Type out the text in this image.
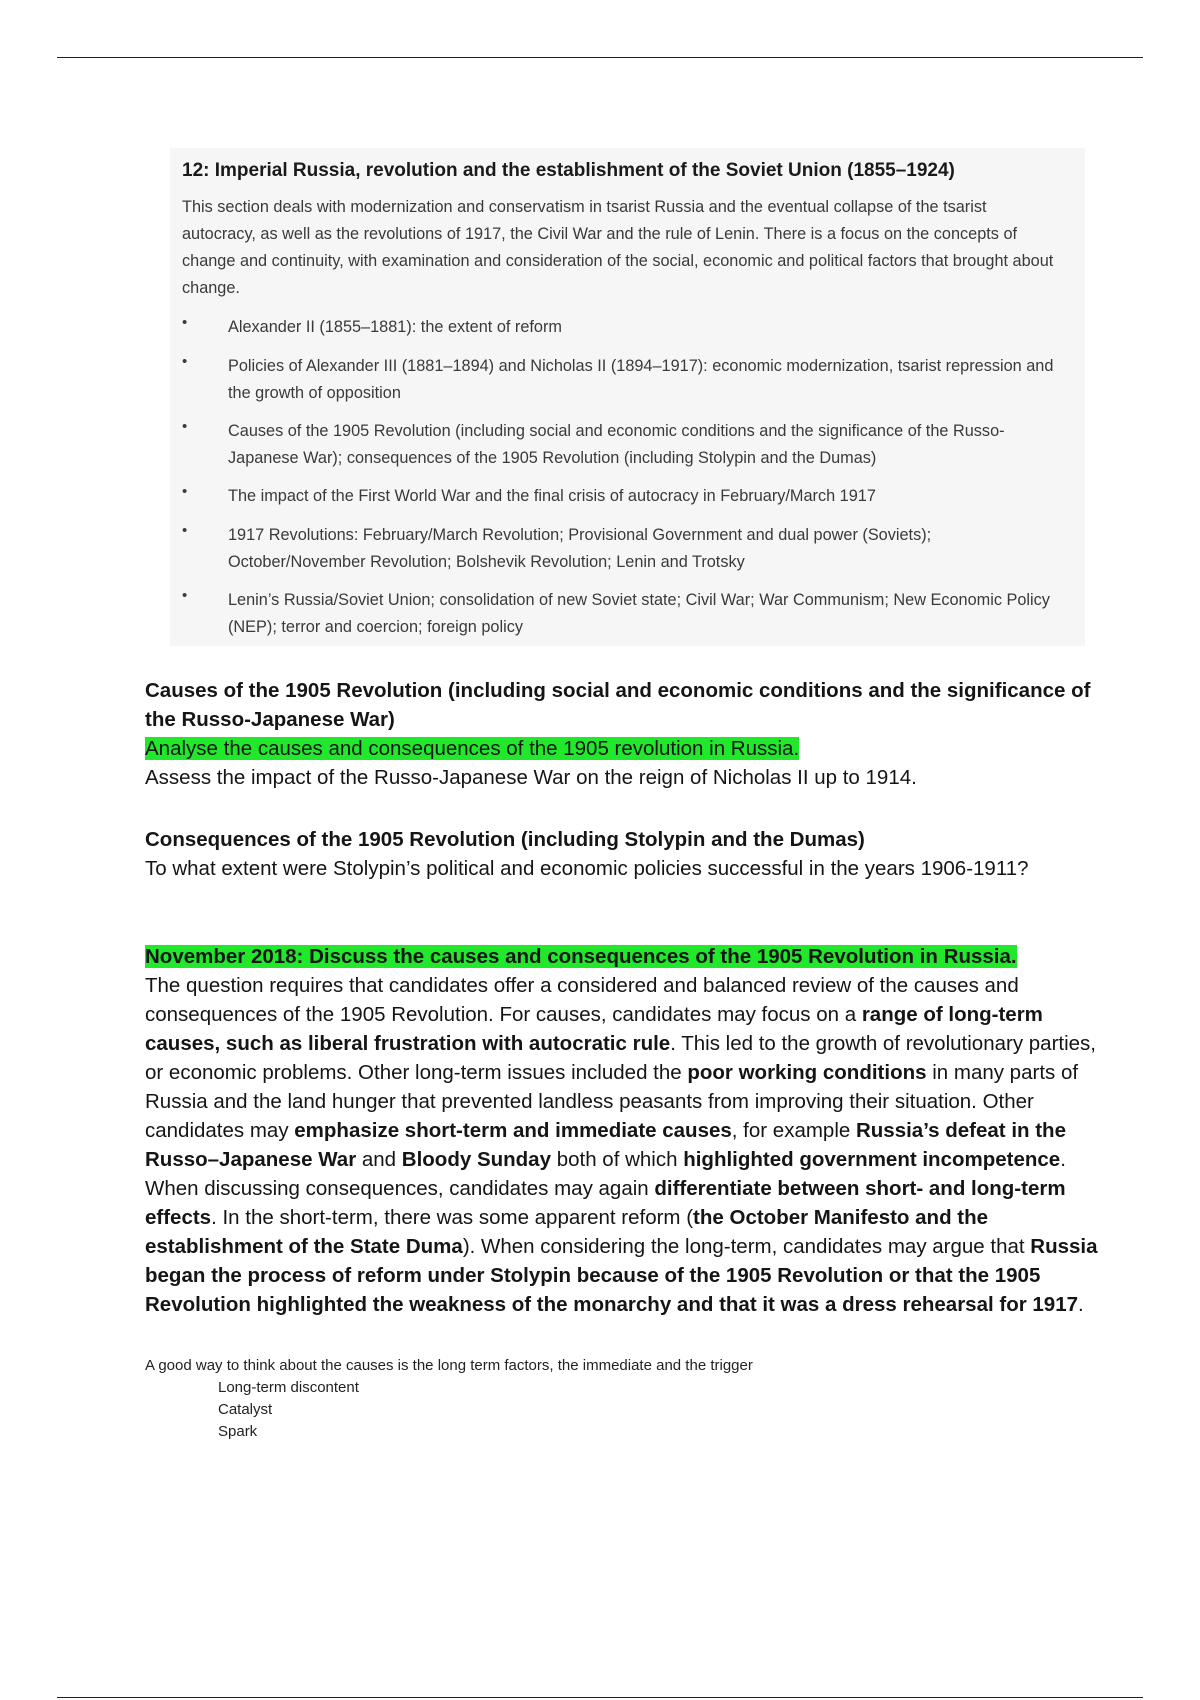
12: Imperial Russia, revolution and the establishment of the Soviet Union (1855–1924)

This section deals with modernization and conservatism in tsarist Russia and the eventual collapse of the tsarist autocracy, as well as the revolutions of 1917, the Civil War and the rule of Lenin. There is a focus on the concepts of change and continuity, with examination and consideration of the social, economic and political factors that brought about change.

• Alexander II (1855–1881): the extent of reform

• Policies of Alexander III (1881–1894) and Nicholas II (1894–1917): economic modernization, tsarist repression and the growth of opposition

• Causes of the 1905 Revolution (including social and economic conditions and the significance of the Russo-Japanese War); consequences of the 1905 Revolution (including Stolypin and the Dumas)

• The impact of the First World War and the final crisis of autocracy in February/March 1917

• 1917 Revolutions: February/March Revolution; Provisional Government and dual power (Soviets); October/November Revolution; Bolshevik Revolution; Lenin and Trotsky

• Lenin’s Russia/Soviet Union; consolidation of new Soviet state; Civil War; War Communism; New Economic Policy (NEP); terror and coercion; foreign policy

Causes of the 1905 Revolution (including social and economic conditions and the significance of the Russo-Japanese War)

Analyse the causes and consequences of the 1905 revolution in Russia.

Assess the impact of the Russo-Japanese War on the reign of Nicholas II up to 1914.

Consequences of the 1905 Revolution (including Stolypin and the Dumas)

To what extent were Stolypin’s political and economic policies successful in the years 1906-1911?

November 2018: Discuss the causes and consequences of the 1905 Revolution in Russia.

The question requires that candidates offer a considered and balanced review of the causes and consequences of the 1905 Revolution. For causes, candidates may focus on a range of long-term causes, such as liberal frustration with autocratic rule. This led to the growth of revolutionary parties, or economic problems. Other long-term issues included the poor working conditions in many parts of Russia and the land hunger that prevented landless peasants from improving their situation. Other candidates may emphasize short-term and immediate causes, for example Russia’s defeat in the Russo–Japanese War and Bloody Sunday both of which highlighted government incompetence. When discussing consequences, candidates may again differentiate between short- and long-term effects. In the short-term, there was some apparent reform (the October Manifesto and the establishment of the State Duma). When considering the long-term, candidates may argue that Russia began the process of reform under Stolypin because of the 1905 Revolution or that the 1905 Revolution highlighted the weakness of the monarchy and that it was a dress rehearsal for 1917.

A good way to think about the causes is the long term factors, the immediate and the trigger
Long-term discontent
Catalyst
Spark
